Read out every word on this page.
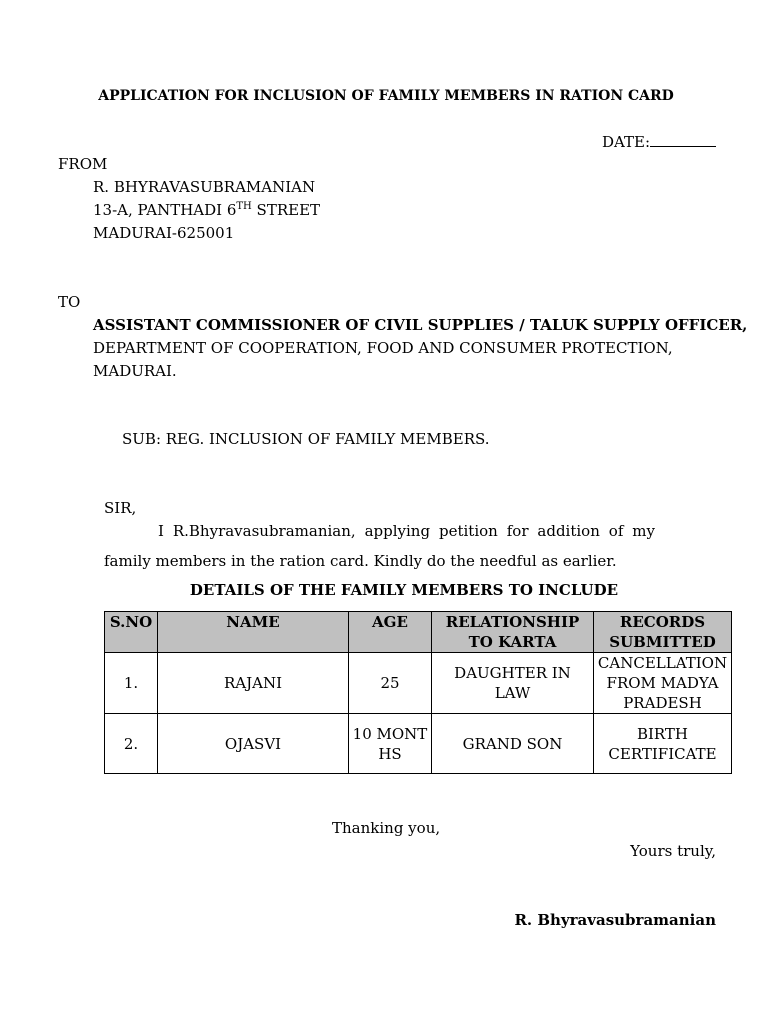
APPLICATION FOR INCLUSION OF FAMILY MEMBERS IN RATION CARD
DATE:
FROM
R. BHYRAVASUBRAMANIAN
13-A, PANTHADI 6TH STREET
MADURAI-625001
TO
ASSISTANT COMMISSIONER OF CIVIL SUPPLIES / TALUK SUPPLY OFFICER,
DEPARTMENT OF COOPERATION, FOOD AND CONSUMER PROTECTION,
MADURAI.
SUB: REG. INCLUSION OF FAMILY MEMBERS.
SIR,
I R.Bhyravasubramanian, applying petition for addition of my
family members in the ration card. Kindly do the needful as earlier.
DETAILS OF THE FAMILY MEMBERS TO INCLUDE
S.NO	NAME	AGE	RELATIONSHIP TO KARTA	RECORDS SUBMITTED
1.	RAJANI	25	DAUGHTER IN LAW	CANCELLATION FROM MADYA PRADESH
2.	OJASVI	10 MONTHS	GRAND SON	BIRTH CERTIFICATE
Thanking you,
Yours truly,
R. Bhyravasubramanian
